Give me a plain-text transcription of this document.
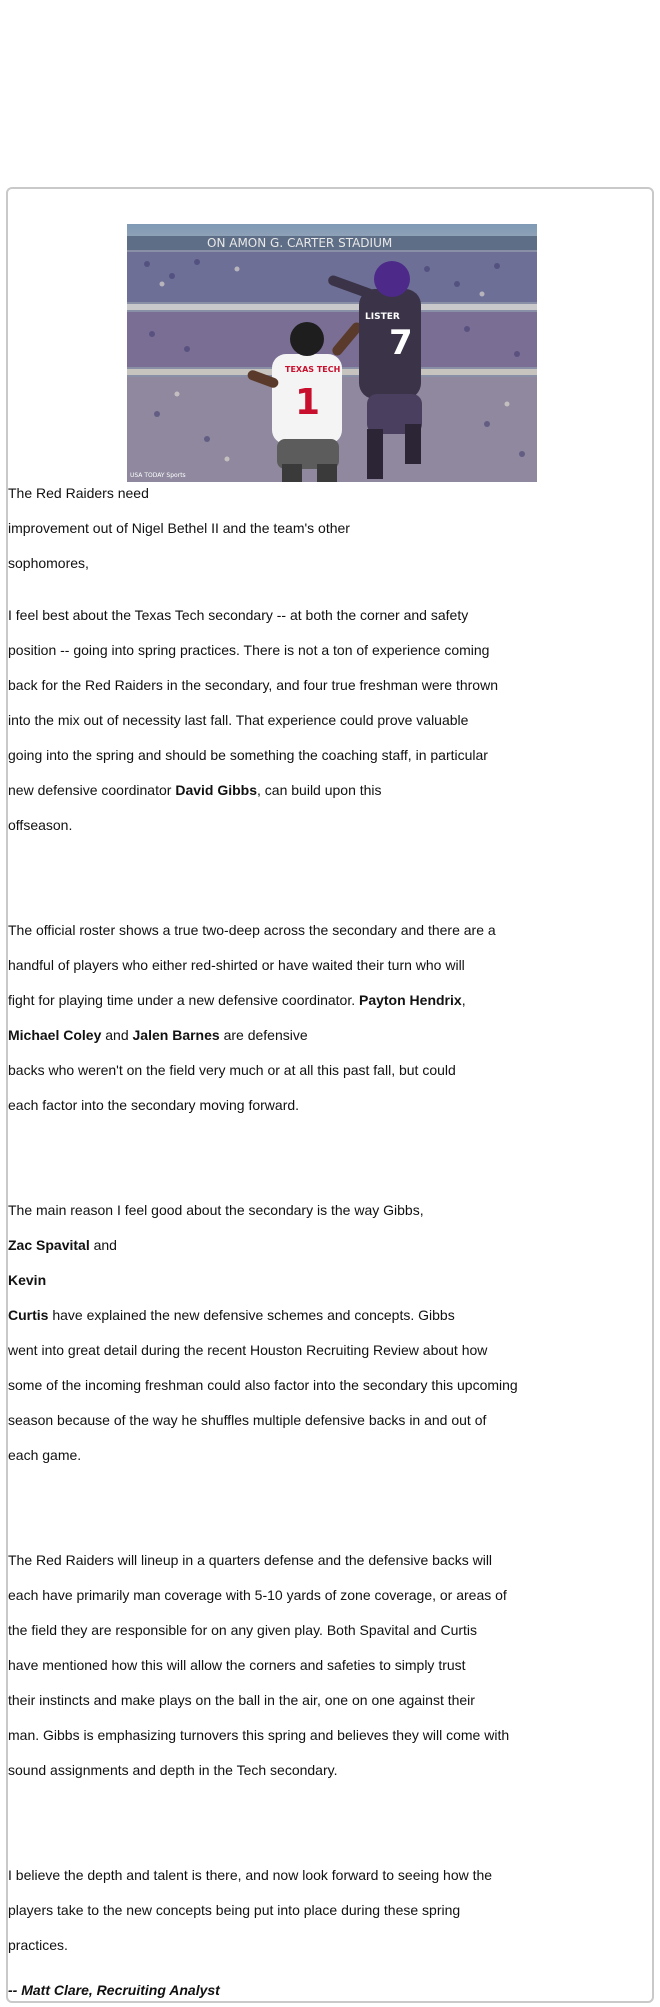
ON AMON G. CARTER STADIUM
TEXAS TECH
1
LISTER
7
USA TODAY Sports
The Red Raiders need
improvement out of Nigel Bethel II and the team's other
sophomores,
I feel best about the Texas Tech secondary -- at both the corner and safety
position -- going into spring practices. There is not a ton of experience coming
back for the Red Raiders in the secondary, and four true freshman were thrown
into the mix out of necessity last fall. That experience could prove valuable
going into the spring and should be something the coaching staff, in particular
new defensive coordinator David Gibbs, can build upon this
offseason.
The official roster shows a true two-deep across the secondary and there are a
handful of players who either red-shirted or have waited their turn who will
fight for playing time under a new defensive coordinator. Payton Hendrix,
Michael Coley and Jalen Barnes are defensive
backs who weren't on the field very much or at all this past fall, but could
each factor into the secondary moving forward.
The main reason I feel good about the secondary is the way Gibbs,
Zac Spavital and
Kevin
Curtis have explained the new defensive schemes and concepts. Gibbs
went into great detail during the recent Houston Recruiting Review about how
some of the incoming freshman could also factor into the secondary this upcoming
season because of the way he shuffles multiple defensive backs in and out of
each game.
The Red Raiders will lineup in a quarters defense and the defensive backs will
each have primarily man coverage with 5-10 yards of zone coverage, or areas of
the field they are responsible for on any given play. Both Spavital and Curtis
have mentioned how this will allow the corners and safeties to simply trust
their instincts and make plays on the ball in the air, one on one against their
man. Gibbs is emphasizing turnovers this spring and believes they will come with
sound assignments and depth in the Tech secondary.
I believe the depth and talent is there, and now look forward to seeing how the
players take to the new concepts being put into place during these spring
practices.
-- Matt Clare, Recruiting Analyst
